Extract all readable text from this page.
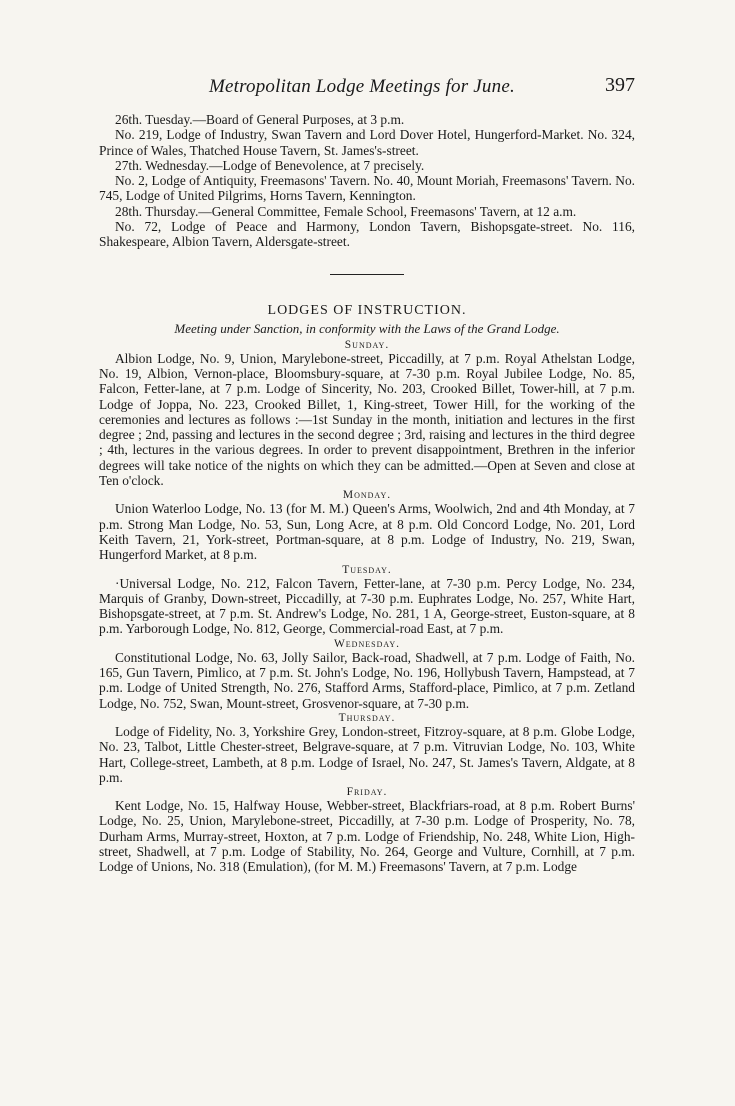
Metropolitan Lodge Meetings for June.	397

26th. Tuesday.—Board of General Purposes, at 3 p.m.

No. 219, Lodge of Industry, Swan Tavern and Lord Dover Hotel, Hungerford-Market. No. 324, Prince of Wales, Thatched House Tavern, St. James's-street.

27th. Wednesday.—Lodge of Benevolence, at 7 precisely.

No. 2, Lodge of Antiquity, Freemasons' Tavern. No. 40, Mount Moriah, Freemasons' Tavern. No. 745, Lodge of United Pilgrims, Horns Tavern, Kennington.

28th. Thursday.—General Committee, Female School, Freemasons' Tavern, at 12 a.m.

No. 72, Lodge of Peace and Harmony, London Tavern, Bishopsgate-street. No. 116, Shakespeare, Albion Tavern, Aldersgate-street.

LODGES OF INSTRUCTION.
Meeting under Sanction, in conformity with the Laws of the Grand Lodge.
Sunday.

Albion Lodge, No. 9, Union, Marylebone-street, Piccadilly, at 7 p.m. Royal Athelstan Lodge, No. 19, Albion, Vernon-place, Bloomsbury-square, at 7-30 p.m. Royal Jubilee Lodge, No. 85, Falcon, Fetter-lane, at 7 p.m. Lodge of Sincerity, No. 203, Crooked Billet, Tower-hill, at 7 p.m. Lodge of Joppa, No. 223, Crooked Billet, 1, King-street, Tower Hill, for the working of the ceremonies and lectures as follows :—1st Sunday in the month, initiation and lectures in the first degree ; 2nd, passing and lectures in the second degree ; 3rd, raising and lectures in the third degree ; 4th, lectures in the various degrees. In order to prevent disappointment, Brethren in the inferior degrees will take notice of the nights on which they can be admitted.—Open at Seven and close at Ten o'clock.

Monday.

Union Waterloo Lodge, No. 13 (for M. M.) Queen's Arms, Woolwich, 2nd and 4th Monday, at 7 p.m. Strong Man Lodge, No. 53, Sun, Long Acre, at 8 p.m. Old Concord Lodge, No. 201, Lord Keith Tavern, 21, York-street, Portman-square, at 8 p.m. Lodge of Industry, No. 219, Swan, Hungerford Market, at 8 p.m.

Tuesday.

·Universal Lodge, No. 212, Falcon Tavern, Fetter-lane, at 7-30 p.m. Percy Lodge, No. 234, Marquis of Granby, Down-street, Piccadilly, at 7-30 p.m. Euphrates Lodge, No. 257, White Hart, Bishopsgate-street, at 7 p.m. St. Andrew's Lodge, No. 281, 1 A, George-street, Euston-square, at 8 p.m. Yarborough Lodge, No. 812, George, Commercial-road East, at 7 p.m.

Wednesday.

Constitutional Lodge, No. 63, Jolly Sailor, Back-road, Shadwell, at 7 p.m. Lodge of Faith, No. 165, Gun Tavern, Pimlico, at 7 p.m. St. John's Lodge, No. 196, Hollybush Tavern, Hampstead, at 7 p.m. Lodge of United Strength, No. 276, Stafford Arms, Stafford-place, Pimlico, at 7 p.m. Zetland Lodge, No. 752, Swan, Mount-street, Grosvenor-square, at 7-30 p.m.

Thursday.

Lodge of Fidelity, No. 3, Yorkshire Grey, London-street, Fitzroy-square, at 8 p.m. Globe Lodge, No. 23, Talbot, Little Chester-street, Belgrave-square, at 7 p.m. Vitruvian Lodge, No. 103, White Hart, College-street, Lambeth, at 8 p.m. Lodge of Israel, No. 247, St. James's Tavern, Aldgate, at 8 p.m.

Friday.

Kent Lodge, No. 15, Halfway House, Webber-street, Blackfriars-road, at 8 p.m. Robert Burns' Lodge, No. 25, Union, Marylebone-street, Piccadilly, at 7-30 p.m. Lodge of Prosperity, No. 78, Durham Arms, Murray-street, Hoxton, at 7 p.m. Lodge of Friendship, No. 248, White Lion, High-street, Shadwell, at 7 p.m. Lodge of Stability, No. 264, George and Vulture, Cornhill, at 7 p.m. Lodge of Unions, No. 318 (Emulation), (for M. M.) Freemasons' Tavern, at 7 p.m. Lodge
